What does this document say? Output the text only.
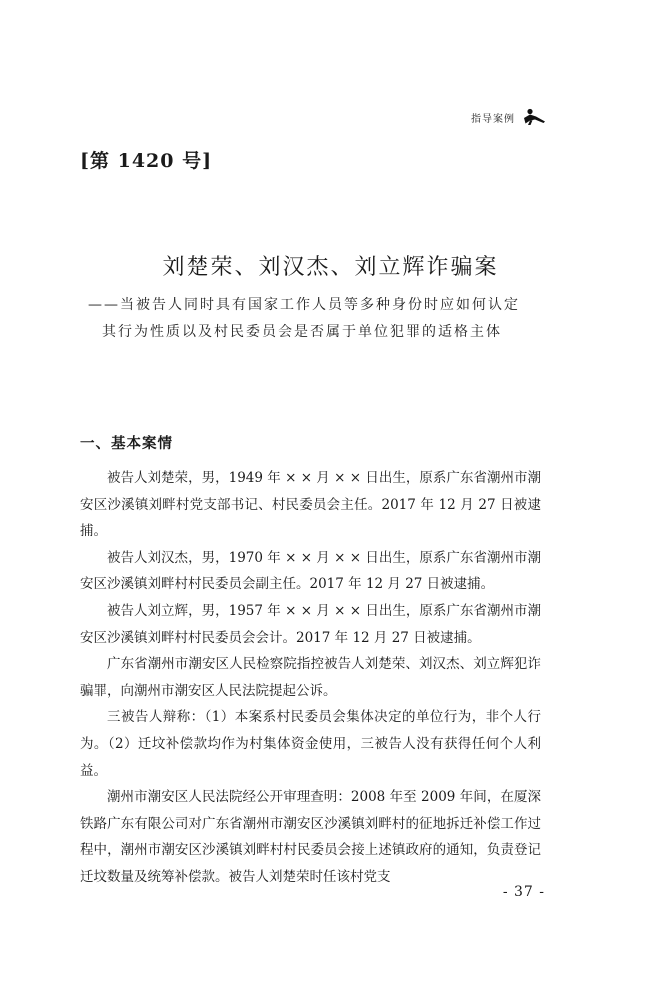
指导案例
[第 1420 号]
刘楚荣、刘汉杰、刘立辉诈骗案
——当被告人同时具有国家工作人员等多种身份时应如何认定
其行为性质以及村民委员会是否属于单位犯罪的适格主体
一、基本案情

被告人刘楚荣，男，1949 年 × × 月 × × 日出生，原系广东省潮州市潮安区沙溪镇刘畔村党支部书记、村民委员会主任。2017 年 12 月 27 日被逮捕。

被告人刘汉杰，男，1970 年 × × 月 × × 日出生，原系广东省潮州市潮安区沙溪镇刘畔村村民委员会副主任。2017 年 12 月 27 日被逮捕。

被告人刘立辉，男，1957 年 × × 月 × × 日出生，原系广东省潮州市潮安区沙溪镇刘畔村村民委员会会计。2017 年 12 月 27 日被逮捕。

广东省潮州市潮安区人民检察院指控被告人刘楚荣、刘汉杰、刘立辉犯诈骗罪，向潮州市潮安区人民法院提起公诉。

三被告人辩称：（1）本案系村民委员会集体决定的单位行为，非个人行为。（2）迁坟补偿款均作为村集体资金使用，三被告人没有获得任何个人利益。

潮州市潮安区人民法院经公开审理查明：2008 年至 2009 年间，在厦深铁路广东有限公司对广东省潮州市潮安区沙溪镇刘畔村的征地拆迁补偿工作过程中，潮州市潮安区沙溪镇刘畔村村民委员会接上述镇政府的通知，负责登记迁坟数量及统筹补偿款。被告人刘楚荣时任该村党支

- 37 -
